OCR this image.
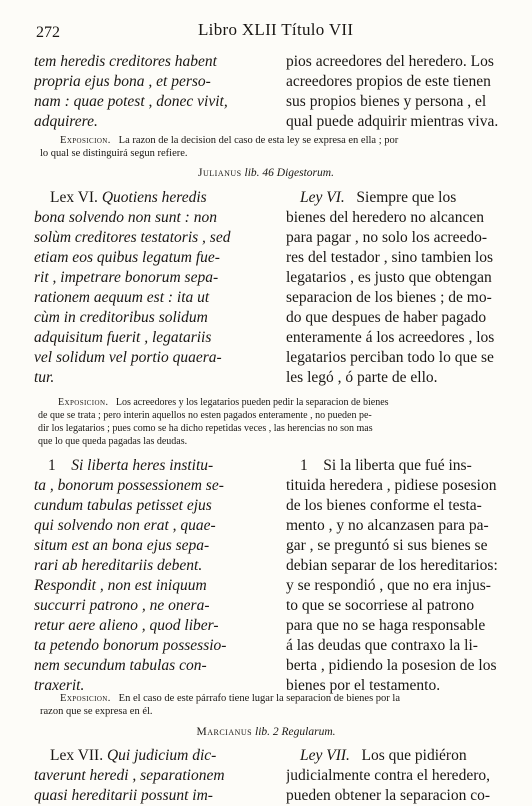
272	Libro XLII Título VII
tem heredis creditores habent
propria ejus bona , et perso-
nam : quae potest , donec vivit,
adquirere.
pios acreedores del heredero. Los
acreedores propios de este tienen
sus propios bienes y persona , el
qual puede adquirir mientras viva.
Exposicion. La razon de la decision del caso de esta ley se expresa en ella ; por
lo qual se distinguirá segun refiere.
Julianus lib. 46 Digestorum.
Lex VI. Quotiens heredis
bona solvendo non sunt : non
solùm creditores testatoris , sed
etiam eos quibus legatum fue-
rit , impetrare bonorum sepa-
rationem aequum est : ita ut
cùm in creditoribus solidum
adquisitum fuerit , legatariis
vel solidum vel portio quaera-
tur.
Ley VI. Siempre que los
bienes del heredero no alcancen
para pagar , no solo los acreedo-
res del testador , sino tambien los
legatarios , es justo que obtengan
separacion de los bienes ; de mo-
do que despues de haber pagado
enteramente á los acreedores , los
legatarios perciban todo lo que se
les legó , ó parte de ello.
Exposicion. Los acreedores y los legatarios pueden pedir la separacion de bienes
de que se trata ; pero interin aquellos no esten pagados enteramente , no pueden pe-
dir los legatarios ; pues como se ha dicho repetidas veces , las herencias no son mas
que lo que queda pagadas las deudas.
1 Si liberta heres institu-
ta , bonorum possessionem se-
cundum tabulas petisset ejus
qui solvendo non erat , quae-
situm est an bona ejus sepa-
rari ab hereditariis debent.
Respondit , non est iniquum
succurri patrono , ne onera-
retur aere alieno , quod liber-
ta petendo bonorum possessio-
nem secundum tabulas con-
traxerit.
1 Si la liberta que fué ins-
tituida heredera , pidiese posesion
de los bienes conforme el testa-
mento , y no alcanzasen para pa-
gar , se preguntó si sus bienes se
debian separar de los hereditarios:
y se respondió , que no era injus-
to que se socorriese al patrono
para que no se haga responsable
á las deudas que contraxo la li-
berta , pidiendo la posesion de los
bienes por el testamento.
Exposicion. En el caso de este párrafo tiene lugar la separacion de bienes por la
razon que se expresa en él.
Marcianus lib. 2 Regularum.
Lex VII. Qui judicium dic-
taverunt heredi , separationem
quasi hereditarii possunt im-
Ley VII. Los que pidiéron
judicialmente contra el heredero,
pueden obtener la separacion co-
